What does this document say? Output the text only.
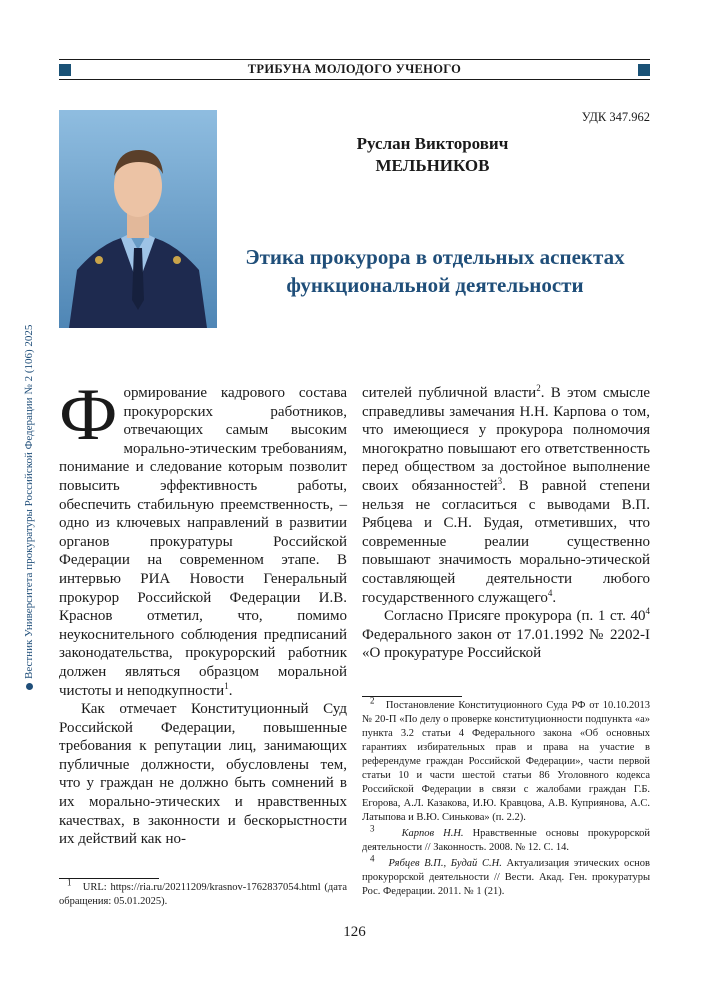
ТРИБУНА МОЛОДОГО УЧЕНОГО
УДК 347.962
Руслан Викторович
МЕЛЬНИКОВ
Этика прокурора в отдельных аспектах
функциональной деятельности

Формирование кадрового состава прокурорских работников, отвечающих самым высоким морально-этическим требованиям, понимание и следование которым позволит повысить эффективность работы, обеспечить стабильную преемственность, – одно из ключевых направлений в развитии органов прокуратуры Российской Федерации на современном этапе. В интервью РИА Новости Генеральный прокурор Российской Федерации И.В. Краснов отметил, что, помимо неукоснительного соблюдения предписаний законодательства, прокурорский работник должен являться образцом моральной чистоты и неподкупности$^1$.

Как отмечает Конституционный Суд Российской Федерации, повышенные требования к репутации лиц, занимающих публичные должности, обусловлены тем, что у граждан не должно быть сомнений в их морально-этических и нравственных качествах, в законности и бескорыстности их действий как но-

сителей публичной власти$^2$. В этом смысле справедливы замечания Н.Н. Карпова о том, что имеющиеся у прокурора полномочия многократно повышают его ответственность перед обществом за достойное выполнение своих обязанностей$^3$. В равной степени нельзя не согласиться с выводами В.П. Рябцева и С.Н. Будая, отметивших, что современные реалии существенно повышают значимость морально-этической составляющей деятельности любого государственного служащего$^4$.

Согласно Присяге прокурора (п. 1 ст. $40^4$ Федерального закон от 17.01.1992 № 2202-I «О прокуратуре Российской

$^1$ URL: https://ria.ru/20211209/krasnov-1762837054.html (дата обращения: 05.01.2025).

$^2$ Постановление Конституционного Суда РФ от 10.10.2013 № 20-П «По делу о проверке конституционности подпункта «а» пункта 3.2 статьи 4 Федерального закона «Об основных гарантиях избирательных прав и права на участие в референдуме граждан Российской Федерации», части первой статьи 10 и части шестой статьи 86 Уголовного кодекса Российской Федерации в связи с жалобами граждан Г.Б. Егорова, А.Л. Казакова, И.Ю. Кравцова, А.В. Куприянова, А.С. Латыпова и В.Ю. Синькова» (п. 2.2).

$^3$	Карпов Н.Н. Нравственные основы прокурорской деятельности // Законность. 2008. № 12. С. 14.

$^4$ Рябцев В.П., Будай С.Н. Актуализация этических основ прокурорской деятельности // Вести. Акад. Ген. прокуратуры Рос. Федерации. 2011. № 1 (21).

Вестник Университета прокуратуры Российской Федерации № 2 (106) 2025
126
